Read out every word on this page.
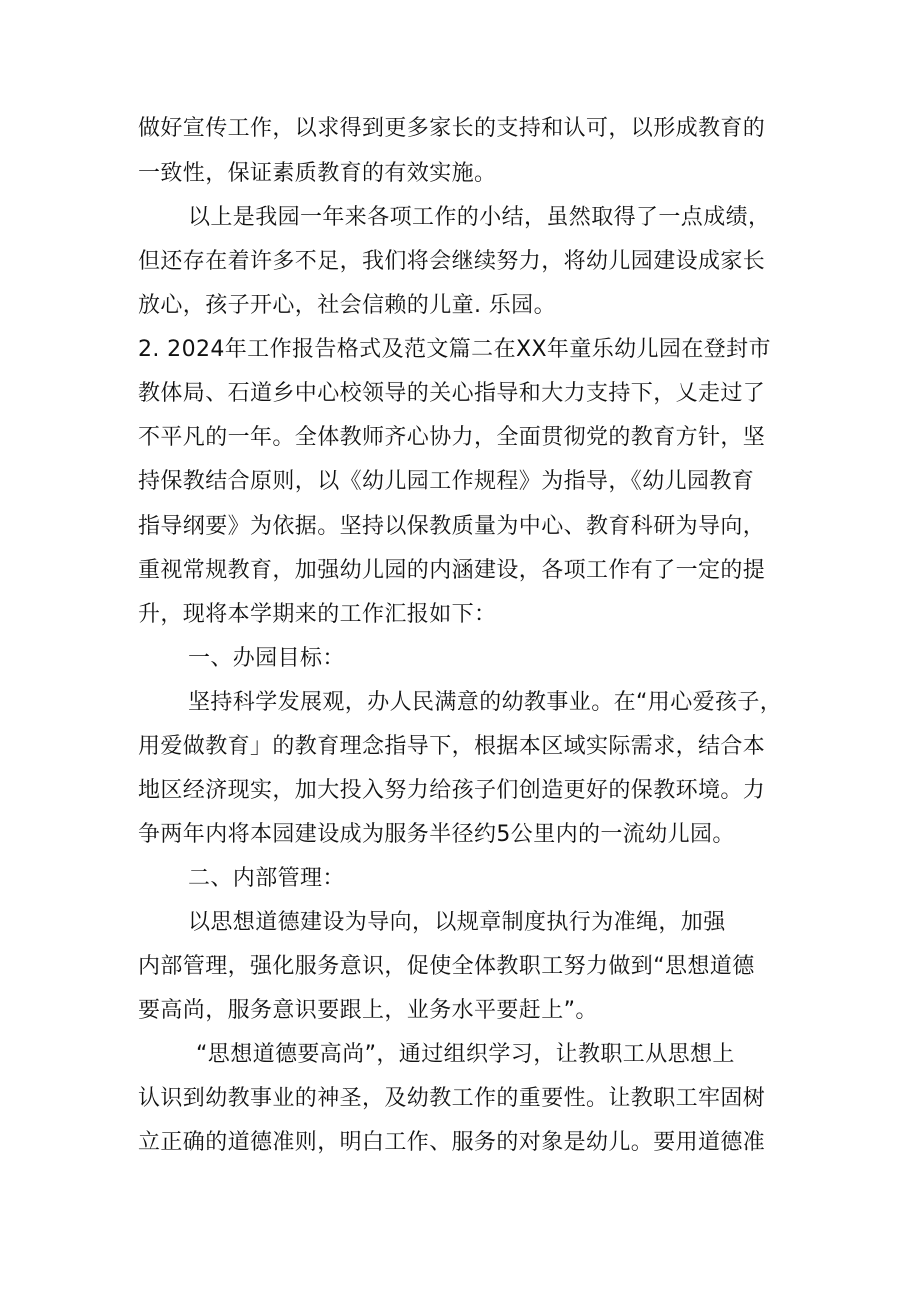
做好宣传工作，以求得到更多家长的支持和认可，以形成教育的
一致性，保证素质教育的有效实施。
以上是我园一年来各项工作的小结，虽然取得了一点成绩，
但还存在着许多不足，我们将会继续努力，将幼儿园建设成家长
放心，孩子开心，社会信赖的儿童. 乐园。
2. 2024年工作报告格式及范文篇二在XX年童乐幼儿园在登封市
教体局、石道乡中心校领导的关心指导和大力支持下，乂走过了
不平凡的一年。全体教师齐心协力，全面贯彻党的教育方针，坚
持保教结合原则，以《幼儿园工作规程》为指导，《幼儿园教育
指导纲要》为依据。坚持以保教质量为中心、教育科研为导向，
重视常规教育，加强幼儿园的内涵建设，各项工作有了一定的提
升，现将本学期来的工作汇报如下：
一、办园目标：
坚持科学发展观，办人民满意的幼教事业。在“用心爱孩子，
用爱做教育」的教育理念指导下，根据本区域实际需求，结合本
地区经济现实，加大投入努力给孩子们创造更好的保教环境。力
争两年内将本园建设成为服务半径约5公里内的一流幼儿园。
二、内部管理：
以思想道德建设为导向，以规章制度执行为准绳，加强
内部管理，强化服务意识，促使全体教职工努力做到“思想道德
要高尚，服务意识要跟上，业务水平要赶上”。
“思想道德要高尚”，通过组织学习，让教职工从思想上
认识到幼教事业的神圣，及幼教工作的重要性。让教职工牢固树
立正确的道德准则，明白工作、服务的对象是幼儿。要用道德准
